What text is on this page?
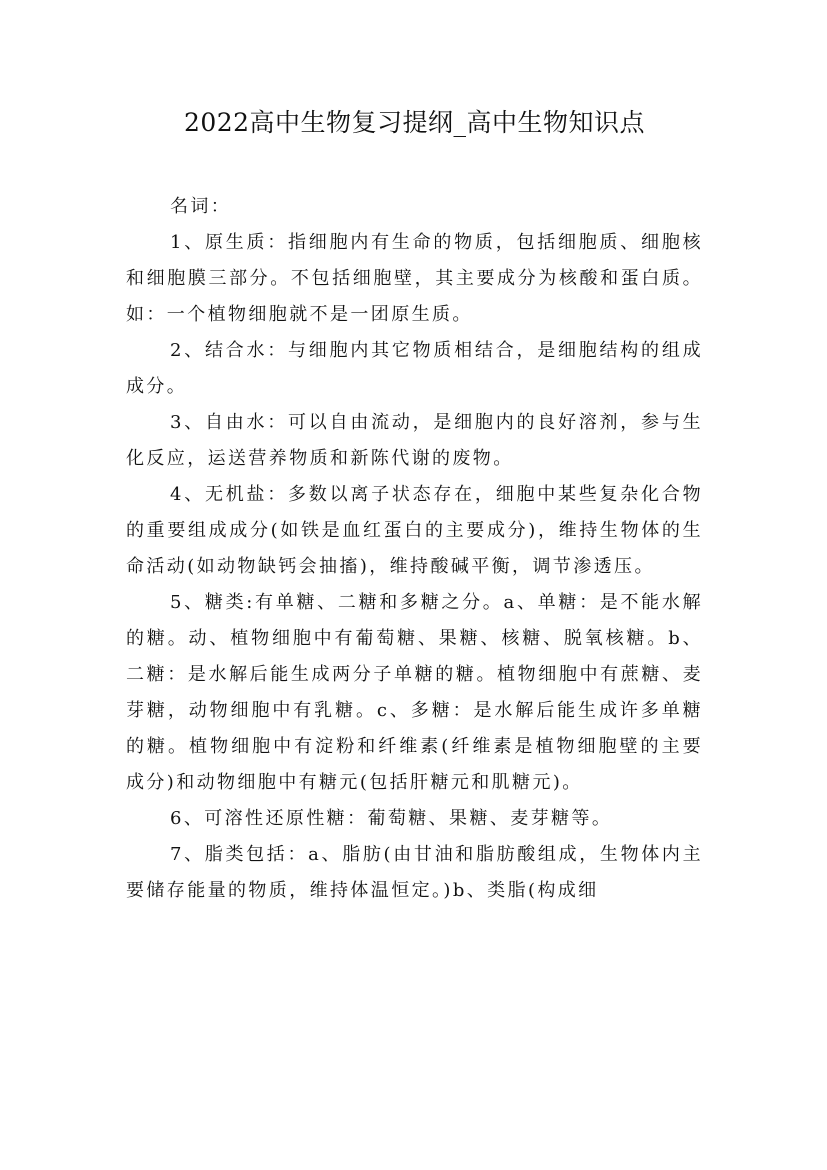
2022高中生物复习提纲_高中生物知识点

名词：

1、原生质：指细胞内有生命的物质，包括细胞质、细胞核和细胞膜三部分。不包括细胞壁，其主要成分为核酸和蛋白质。如：一个植物细胞就不是一团原生质。

2、结合水：与细胞内其它物质相结合，是细胞结构的组成成分。

3、自由水：可以自由流动，是细胞内的良好溶剂，参与生化反应，运送营养物质和新陈代谢的废物。

4、无机盐：多数以离子状态存在，细胞中某些复杂化合物的重要组成成分(如铁是血红蛋白的主要成分)，维持生物体的生命活动(如动物缺钙会抽搐)，维持酸碱平衡，调节渗透压。

5、糖类:有单糖、二糖和多糖之分。a、单糖：是不能水解的糖。动、植物细胞中有葡萄糖、果糖、核糖、脱氧核糖。b、二糖：是水解后能生成两分子单糖的糖。植物细胞中有蔗糖、麦芽糖，动物细胞中有乳糖。c、多糖：是水解后能生成许多单糖的糖。植物细胞中有淀粉和纤维素(纤维素是植物细胞壁的主要成分)和动物细胞中有糖元(包括肝糖元和肌糖元)。

6、可溶性还原性糖：葡萄糖、果糖、麦芽糖等。

7、脂类包括：a、脂肪(由甘油和脂肪酸组成，生物体内主要储存能量的物质，维持体温恒定。)b、类脂(构成细
